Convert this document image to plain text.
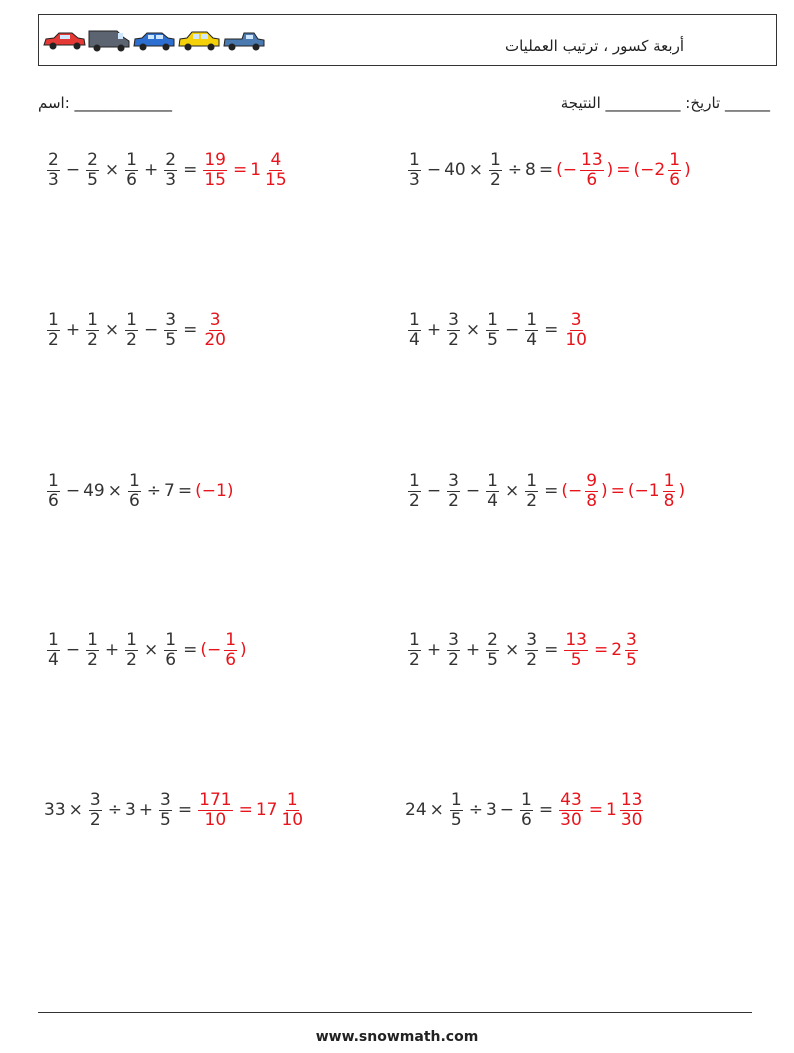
أربعة كسور ، ترتيب العمليات
اسم: _____________	تاريخ: __________ النتيجة ______
$\frac{2}{3} - \frac{2}{5} \times \frac{1}{6} + \frac{2}{3} = \frac{19}{15} = 1 \frac{4}{15}$	$\frac{1}{3} - 40 \times \frac{1}{2} \div 8$ = (− $\frac{13}{6}$ ) = ($-2 \frac{1}{6}$ )
$\frac{1}{2} + \frac{1}{2} \times \frac{1}{2} - \frac{3}{5} = \frac{3}{20}$	$\frac{1}{4} + \frac{3}{2} \times \frac{1}{5} - \frac{1}{4} = \frac{3}{10}$
$\frac{1}{6} - 49 \times \frac{1}{6} \div 7 = (-1)$	$\frac{1}{2} - \frac{3}{2} - \frac{1}{4} \times \frac{1}{2}$ = (− $\frac{9}{8}$ ) = ($-1 \frac{1}{8}$ )
$\frac{1}{4} - \frac{1}{2} + \frac{1}{2} \times \frac{1}{6}$ = (− $\frac{1}{6}$ )	$\frac{1}{2} + \frac{3}{2} + \frac{2}{5} \times \frac{3}{2} = \frac{13}{5} = 2 \frac{3}{5}$
$33 \times \frac{3}{2} \div 3 + \frac{3}{5} = \frac{171}{10} = 17 \frac{1}{10}$	$24 \times \frac{1}{5} \div 3 - \frac{1}{6} = \frac{43}{30} = 1 \frac{13}{30}$
www.snowmath.com
